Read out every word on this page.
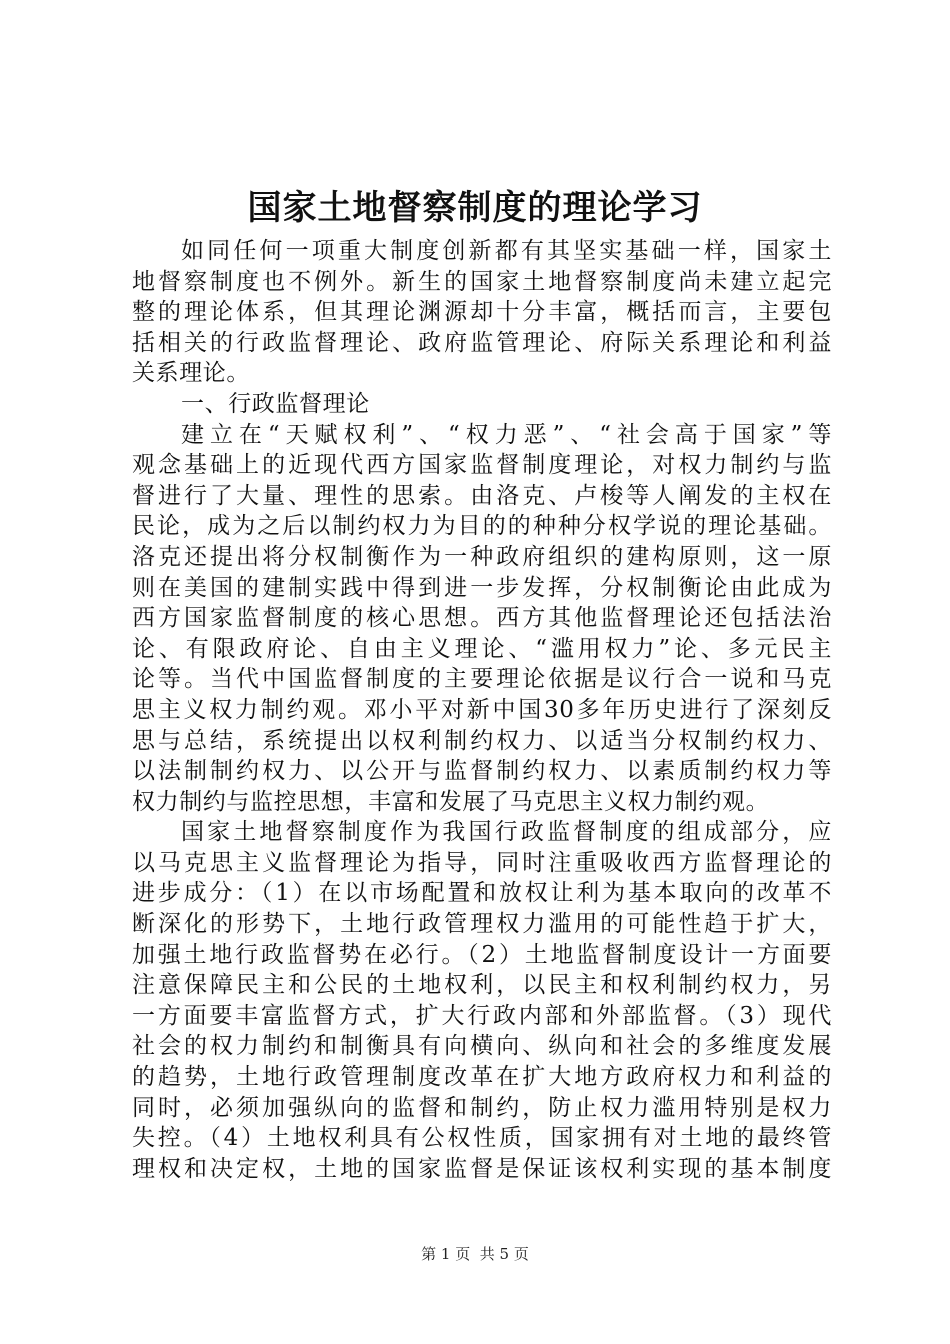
国家土地督察制度的理论学习
如同任何一项重大制度创新都有其坚实基础一样，国家土
地督察制度也不例外。新生的国家土地督察制度尚未建立起完
整的理论体系，但其理论渊源却十分丰富，概括而言，主要包
括相关的行政监督理论、政府监管理论、府际关系理论和利益
关系理论。
一、行政监督理论
建立在“天赋权利”、“权力恶”、“社会高于国家”等
观念基础上的近现代西方国家监督制度理论，对权力制约与监
督进行了大量、理性的思索。由洛克、卢梭等人阐发的主权在
民论，成为之后以制约权力为目的的种种分权学说的理论基础。
洛克还提出将分权制衡作为一种政府组织的建构原则，这一原
则在美国的建制实践中得到进一步发挥，分权制衡论由此成为
西方国家监督制度的核心思想。西方其他监督理论还包括法治
论、有限政府论、自由主义理论、“滥用权力”论、多元民主
论等。当代中国监督制度的主要理论依据是议行合一说和马克
思主义权力制约观。邓小平对新中国30多年历史进行了深刻反
思与总结，系统提出以权利制约权力、以适当分权制约权力、
以法制制约权力、以公开与监督制约权力、以素质制约权力等
权力制约与监控思想，丰富和发展了马克思主义权力制约观。
国家土地督察制度作为我国行政监督制度的组成部分，应
以马克思主义监督理论为指导，同时注重吸收西方监督理论的
进步成分：（1）在以市场配置和放权让利为基本取向的改革不
断深化的形势下，土地行政管理权力滥用的可能性趋于扩大，
加强土地行政监督势在必行。（2）土地监督制度设计一方面要
注意保障民主和公民的土地权利，以民主和权利制约权力，另
一方面要丰富监督方式，扩大行政内部和外部监督。（3）现代
社会的权力制约和制衡具有向横向、纵向和社会的多维度发展
的趋势，土地行政管理制度改革在扩大地方政府权力和利益的
同时，必须加强纵向的监督和制约，防止权力滥用特别是权力
失控。（4）土地权利具有公权性质，国家拥有对土地的最终管
理权和决定权，土地的国家监督是保证该权利实现的基本制度
第 1 页  共 5 页
